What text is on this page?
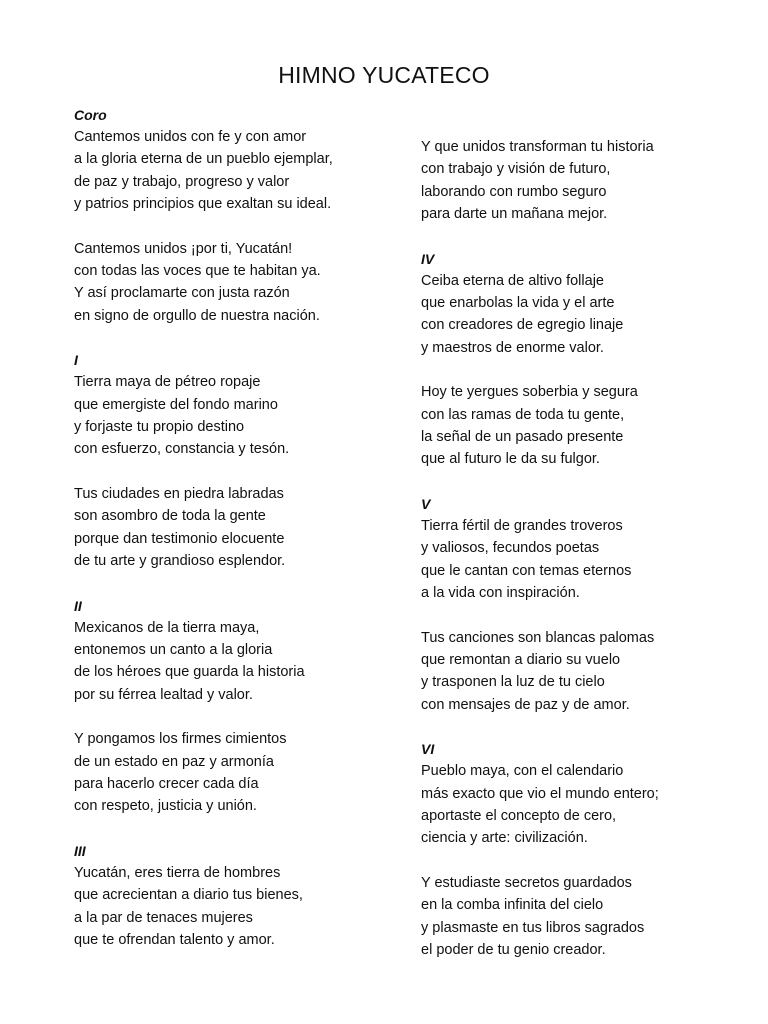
HIMNO YUCATECO
Coro
Cantemos unidos con fe y con amor
a la gloria eterna de un pueblo ejemplar,
de paz y trabajo, progreso y valor
y patrios principios que exaltan su ideal.
Cantemos unidos ¡por ti, Yucatán!
con todas las voces que te habitan ya.
Y así proclamarte con justa razón
en signo de orgullo de nuestra nación.
I
Tierra maya de pétreo ropaje
que emergiste del fondo marino
y forjaste tu propio destino
con esfuerzo, constancia y tesón.
Tus ciudades en piedra labradas
son asombro de toda la gente
porque dan testimonio elocuente
de tu arte y grandioso esplendor.
II
Mexicanos de la tierra maya,
entonemos un canto a la gloria
de los héroes que guarda la historia
por su férrea lealtad y valor.
Y pongamos los firmes cimientos
de un estado en paz y armonía
para hacerlo crecer cada día
con respeto, justicia y unión.
III
Yucatán, eres tierra de hombres
que acrecientan a diario tus bienes,
a la par de tenaces mujeres
que te ofrendan talento y amor.
Y que unidos transforman tu historia
con trabajo y visión de futuro,
laborando con rumbo seguro
para darte un mañana mejor.
IV
Ceiba eterna de altivo follaje
que enarbolas la vida y el arte
con creadores de egregio linaje
y maestros de enorme valor.
Hoy te yergues soberbia y segura
con las ramas de toda tu gente,
la señal de un pasado presente
que al futuro le da su fulgor.
V
Tierra fértil de grandes troveros
y valiosos, fecundos poetas
que le cantan con temas eternos
a la vida con inspiración.
Tus canciones son blancas palomas
que remontan a diario su vuelo
y trasponen la luz de tu cielo
con mensajes de paz y de amor.
VI
Pueblo maya, con el calendario
más exacto que vio el mundo entero;
aportaste el concepto de cero,
ciencia y arte: civilización.
Y estudiaste secretos guardados
en la comba infinita del cielo
y plasmaste en tus libros sagrados
el poder de tu genio creador.
